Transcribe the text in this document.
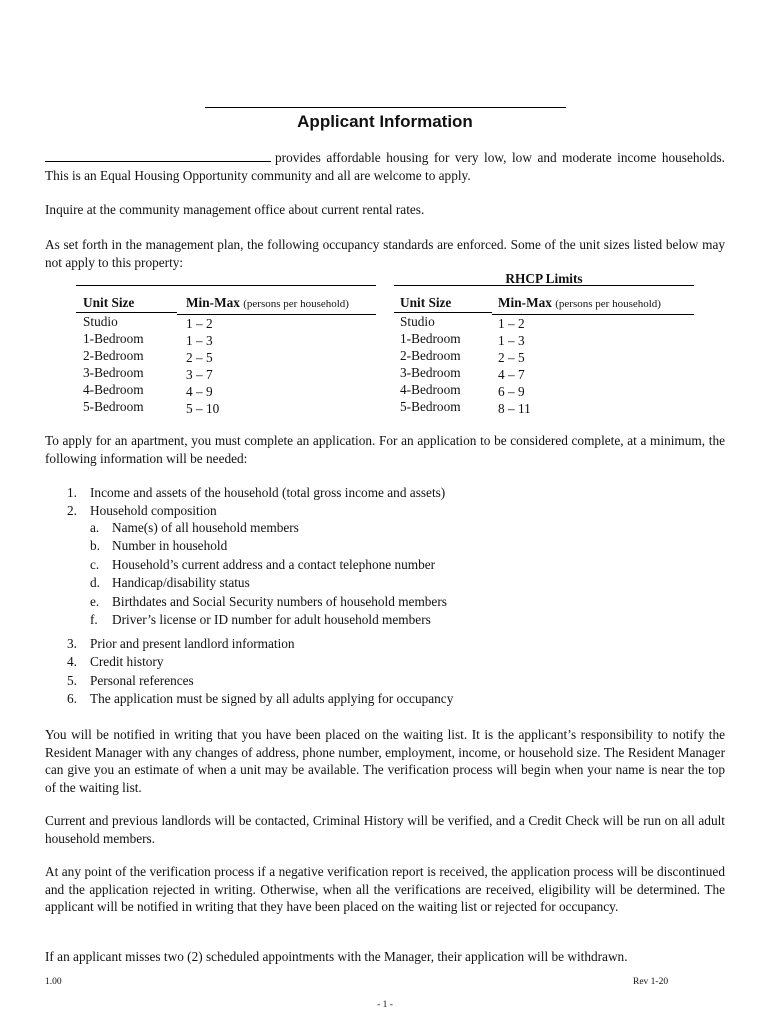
Applicant Information

provides affordable housing for very low, low and moderate income households. This is an Equal Housing Opportunity community and all are welcome to apply.

Inquire at the community management office about current rental rates.

As set forth in the management plan, the following occupancy standards are enforced. Some of the unit sizes listed below may not apply to this property:

Unit Size
Studio
1-Bedroom
2-Bedroom
3-Bedroom
4-Bedroom
5-Bedroom
Min-Max (persons per household)
1 – 2
1 – 3
2 – 5
3 – 7
4 – 9
5 – 10
RHCP Limits
Unit Size
Studio
1-Bedroom
2-Bedroom
3-Bedroom
4-Bedroom
5-Bedroom
Min-Max (persons per household)
1 – 2
1 – 3
2 – 5
4 – 7
6 – 9
8 – 11

To apply for an apartment, you must complete an application. For an application to be considered complete, at a minimum, the following information will be needed:

1. Income and assets of the household (total gross income and assets)
2. Household composition
a. Name(s) of all household members
b. Number in household
c. Household’s current address and a contact telephone number
d. Handicap/disability status
e. Birthdates and Social Security numbers of household members
f. Driver’s license or ID number for adult household members
3. Prior and present landlord information
4. Credit history
5. Personal references
6. The application must be signed by all adults applying for occupancy

You will be notified in writing that you have been placed on the waiting list. It is the applicant’s responsibility to notify the Resident Manager with any changes of address, phone number, employment, income, or household size. The Resident Manager can give you an estimate of when a unit may be available. The verification process will begin when your name is near the top of the waiting list.

Current and previous landlords will be contacted, Criminal History will be verified, and a Credit Check will be run on all adult household members.

At any point of the verification process if a negative verification report is received, the application process will be discontinued and the application rejected in writing. Otherwise, when all the verifications are received, eligibility will be determined. The applicant will be notified in writing that they have been placed on the waiting list or rejected for occupancy.

If an applicant misses two (2) scheduled appointments with the Manager, their application will be withdrawn.

1.00	Rev 1-20
- 1 -
